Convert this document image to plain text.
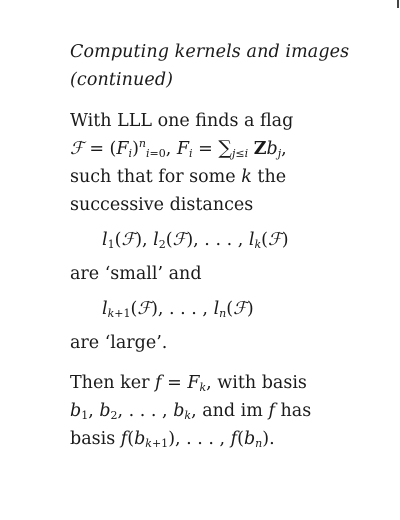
Computing kernels and images
(continued)
With LLL one finds a flag
ℱ = $(F_i)^n_{i=0}$, $F_i = \sum_{j\le i}$ $Zb_j$,
such that for some k the
successive distances
$l_1(ℱ)$, $l_2(ℱ)$, . . . , $l_k(ℱ)$
are ‘small’ and
$l_{k+1}(ℱ)$, . . . , $l_n(ℱ)$
are ‘large’.
Then ker $f = F_k$, with basis
$b_1$, $b_2$, . . . , $b_k$, and im f has
basis $f(b_{k+1})$, . . . , $f(b_n)$.
